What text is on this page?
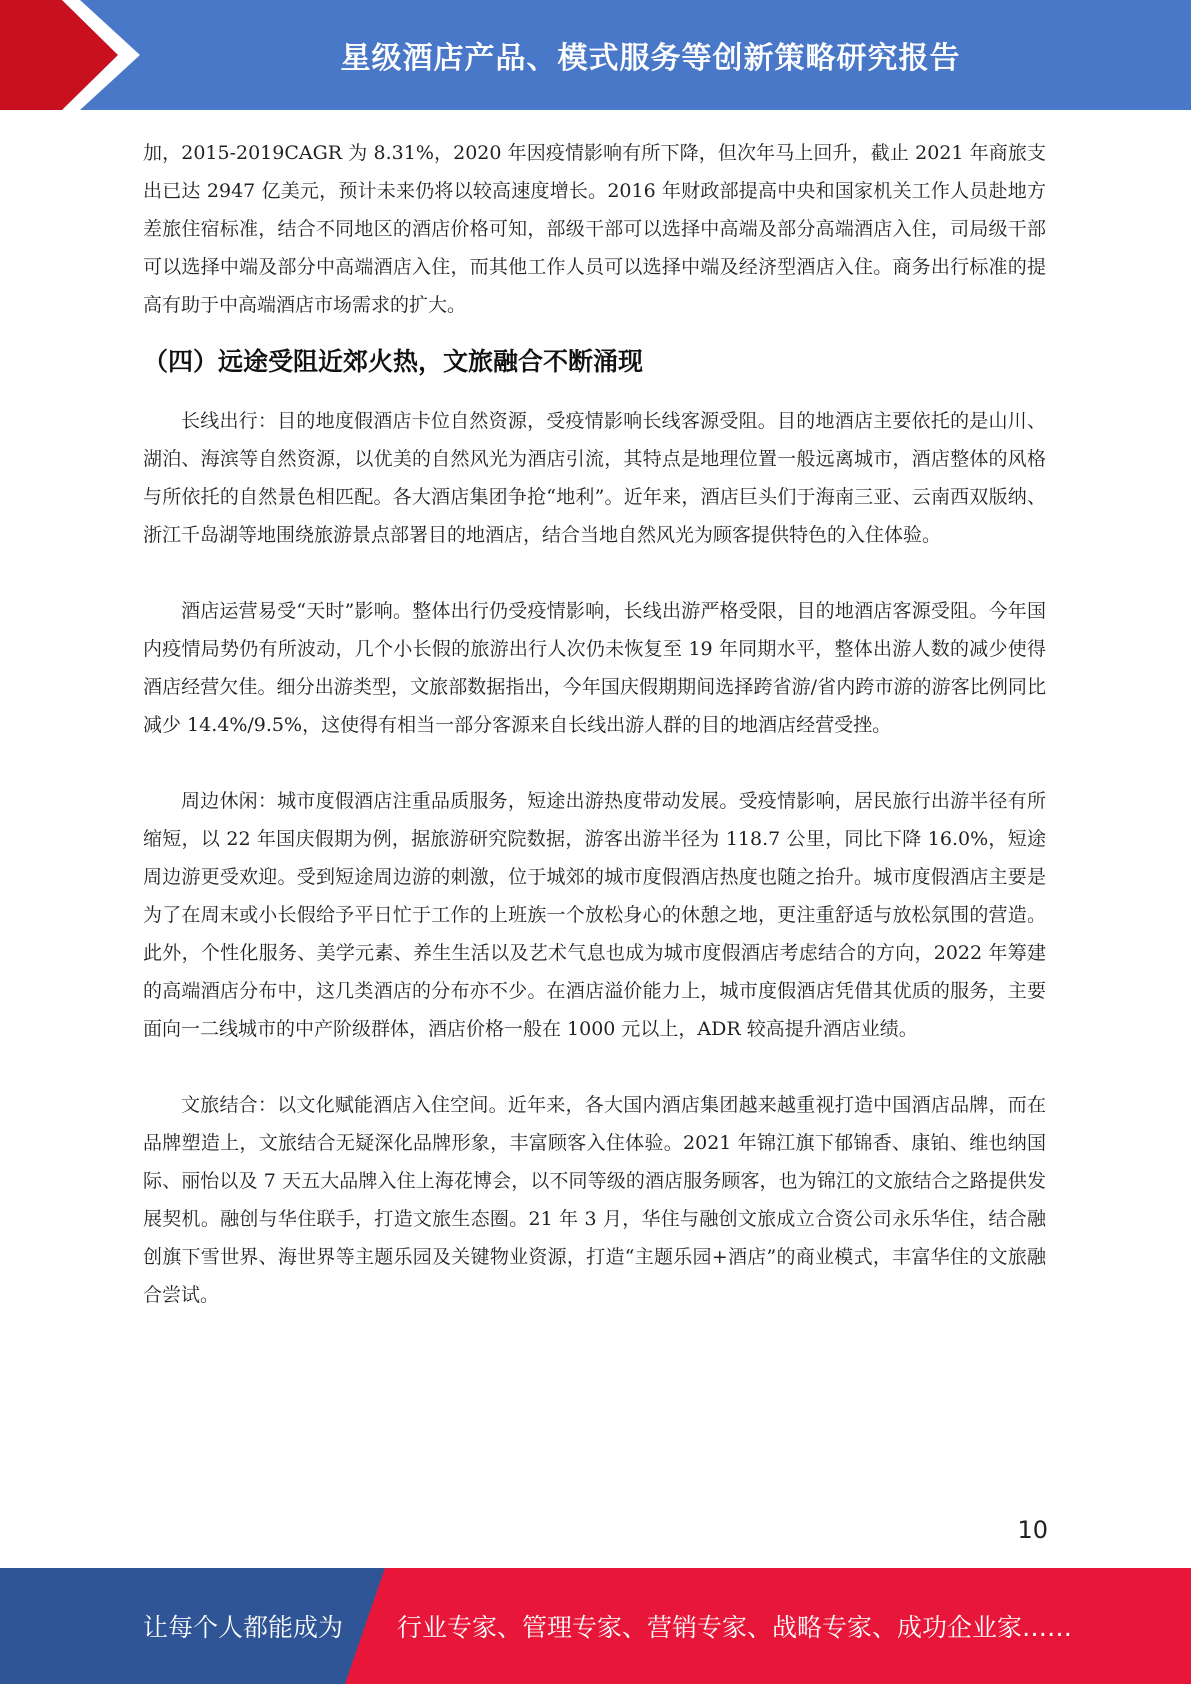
星级酒店产品、模式服务等创新策略研究报告

加，2015-2019CAGR 为 8.31%，2020 年因疫情影响有所下降，但次年马上回升，截止 2021 年商旅支出已达 2947 亿美元，预计未来仍将以较高速度增长。2016 年财政部提高中央和国家机关工作人员赴地方差旅住宿标准，结合不同地区的酒店价格可知，部级干部可以选择中高端及部分高端酒店入住，司局级干部可以选择中端及部分中高端酒店入住，而其他工作人员可以选择中端及经济型酒店入住。商务出行标准的提高有助于中高端酒店市场需求的扩大。

（四）远途受阻近郊火热，文旅融合不断涌现

长线出行：目的地度假酒店卡位自然资源，受疫情影响长线客源受阻。目的地酒店主要依托的是山川、湖泊、海滨等自然资源，以优美的自然风光为酒店引流，其特点是地理位置一般远离城市，酒店整体的风格与所依托的自然景色相匹配。各大酒店集团争抢“地利”。近年来，酒店巨头们于海南三亚、云南西双版纳、浙江千岛湖等地围绕旅游景点部署目的地酒店，结合当地自然风光为顾客提供特色的入住体验。

酒店运营易受“天时”影响。整体出行仍受疫情影响，长线出游严格受限，目的地酒店客源受阻。今年国内疫情局势仍有所波动，几个小长假的旅游出行人次仍未恢复至 19 年同期水平，整体出游人数的减少使得酒店经营欠佳。细分出游类型，文旅部数据指出，今年国庆假期期间选择跨省游/省内跨市游的游客比例同比减少 14.4%/9.5%，这使得有相当一部分客源来自长线出游人群的目的地酒店经营受挫。

周边休闲：城市度假酒店注重品质服务，短途出游热度带动发展。受疫情影响，居民旅行出游半径有所缩短，以 22 年国庆假期为例，据旅游研究院数据，游客出游半径为 118.7 公里，同比下降 16.0%，短途周边游更受欢迎。受到短途周边游的刺激，位于城郊的城市度假酒店热度也随之抬升。城市度假酒店主要是为了在周末或小长假给予平日忙于工作的上班族一个放松身心的休憩之地，更注重舒适与放松氛围的营造。此外，个性化服务、美学元素、养生生活以及艺术气息也成为城市度假酒店考虑结合的方向，2022 年筹建的高端酒店分布中，这几类酒店的分布亦不少。在酒店溢价能力上，城市度假酒店凭借其优质的服务，主要面向一二线城市的中产阶级群体，酒店价格一般在 1000 元以上，ADR 较高提升酒店业绩。

文旅结合：以文化赋能酒店入住空间。近年来，各大国内酒店集团越来越重视打造中国酒店品牌，而在品牌塑造上，文旅结合无疑深化品牌形象，丰富顾客入住体验。2021 年锦江旗下郁锦香、康铂、维也纳国际、丽怡以及 7 天五大品牌入住上海花博会，以不同等级的酒店服务顾客，也为锦江的文旅结合之路提供发展契机。融创与华住联手，打造文旅生态圈。21 年 3 月，华住与融创文旅成立合资公司永乐华住，结合融创旗下雪世界、海世界等主题乐园及关键物业资源，打造“主题乐园+酒店”的商业模式，丰富华住的文旅融合尝试。

10
让每个人都能成为 行业专家、管理专家、营销专家、战略专家、成功企业家……
